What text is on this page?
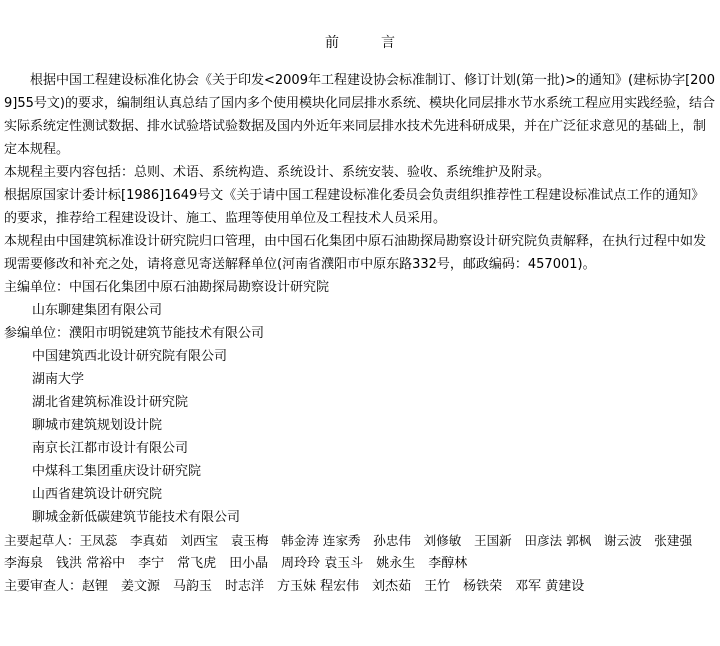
前　言

根据中国工程建设标准化协会《关于印发<2009年工程建设协会标准制订、修订计划(第一批)>的通知》(建标协字[2009]55号文)的要求，编制组认真总结了国内多个使用模块化同层排水系统、模块化同层排水节水系统工程应用实践经验，结合实际系统定性测试数据、排水试验塔试验数据及国内外近年来同层排水技术先进科研成果，并在广泛征求意见的基础上，制定本规程。

本规程主要内容包括：总则、术语、系统构造、系统设计、系统安装、验收、系统维护及附录。

根据原国家计委计标[1986]1649号文《关于请中国工程建设标准化委员会负责组织推荐性工程建设标准试点工作的通知》的要求，推荐给工程建设设计、施工、监理等使用单位及工程技术人员采用。

本规程由中国建筑标准设计研究院归口管理，由中国石化集团中原石油勘探局勘察设计研究院负责解释，在执行过程中如发现需要修改和补充之处，请将意见寄送解释单位(河南省濮阳市中原东路332号，邮政编码：457001)。

主编单位：中国石化集团中原石油勘探局勘察设计研究院
山东聊建集团有限公司
参编单位：濮阳市明锐建筑节能技术有限公司
中国建筑西北设计研究院有限公司
湖南大学
湖北省建筑标准设计研究院
聊城市建筑规划设计院
南京长江都市设计有限公司
中煤科工集团重庆设计研究院
山西省建筑设计研究院
聊城金新低碳建筑节能技术有限公司
主要起草人：王凤蕊　李真茹　刘西宝　袁玉梅　韩金涛 连家秀　孙忠伟　刘修敏　王国新　田彦法 郭枫　谢云波　张建强
李海泉　钱洪 常裕中　李宁　常飞虎　田小晶　周玲玲 袁玉斗　姚永生　李醇林
主要审查人：赵锂　姜文源　马韵玉　时志洋　方玉妹 程宏伟　刘杰茹　王竹　杨铁荣　邓军 黄建设
